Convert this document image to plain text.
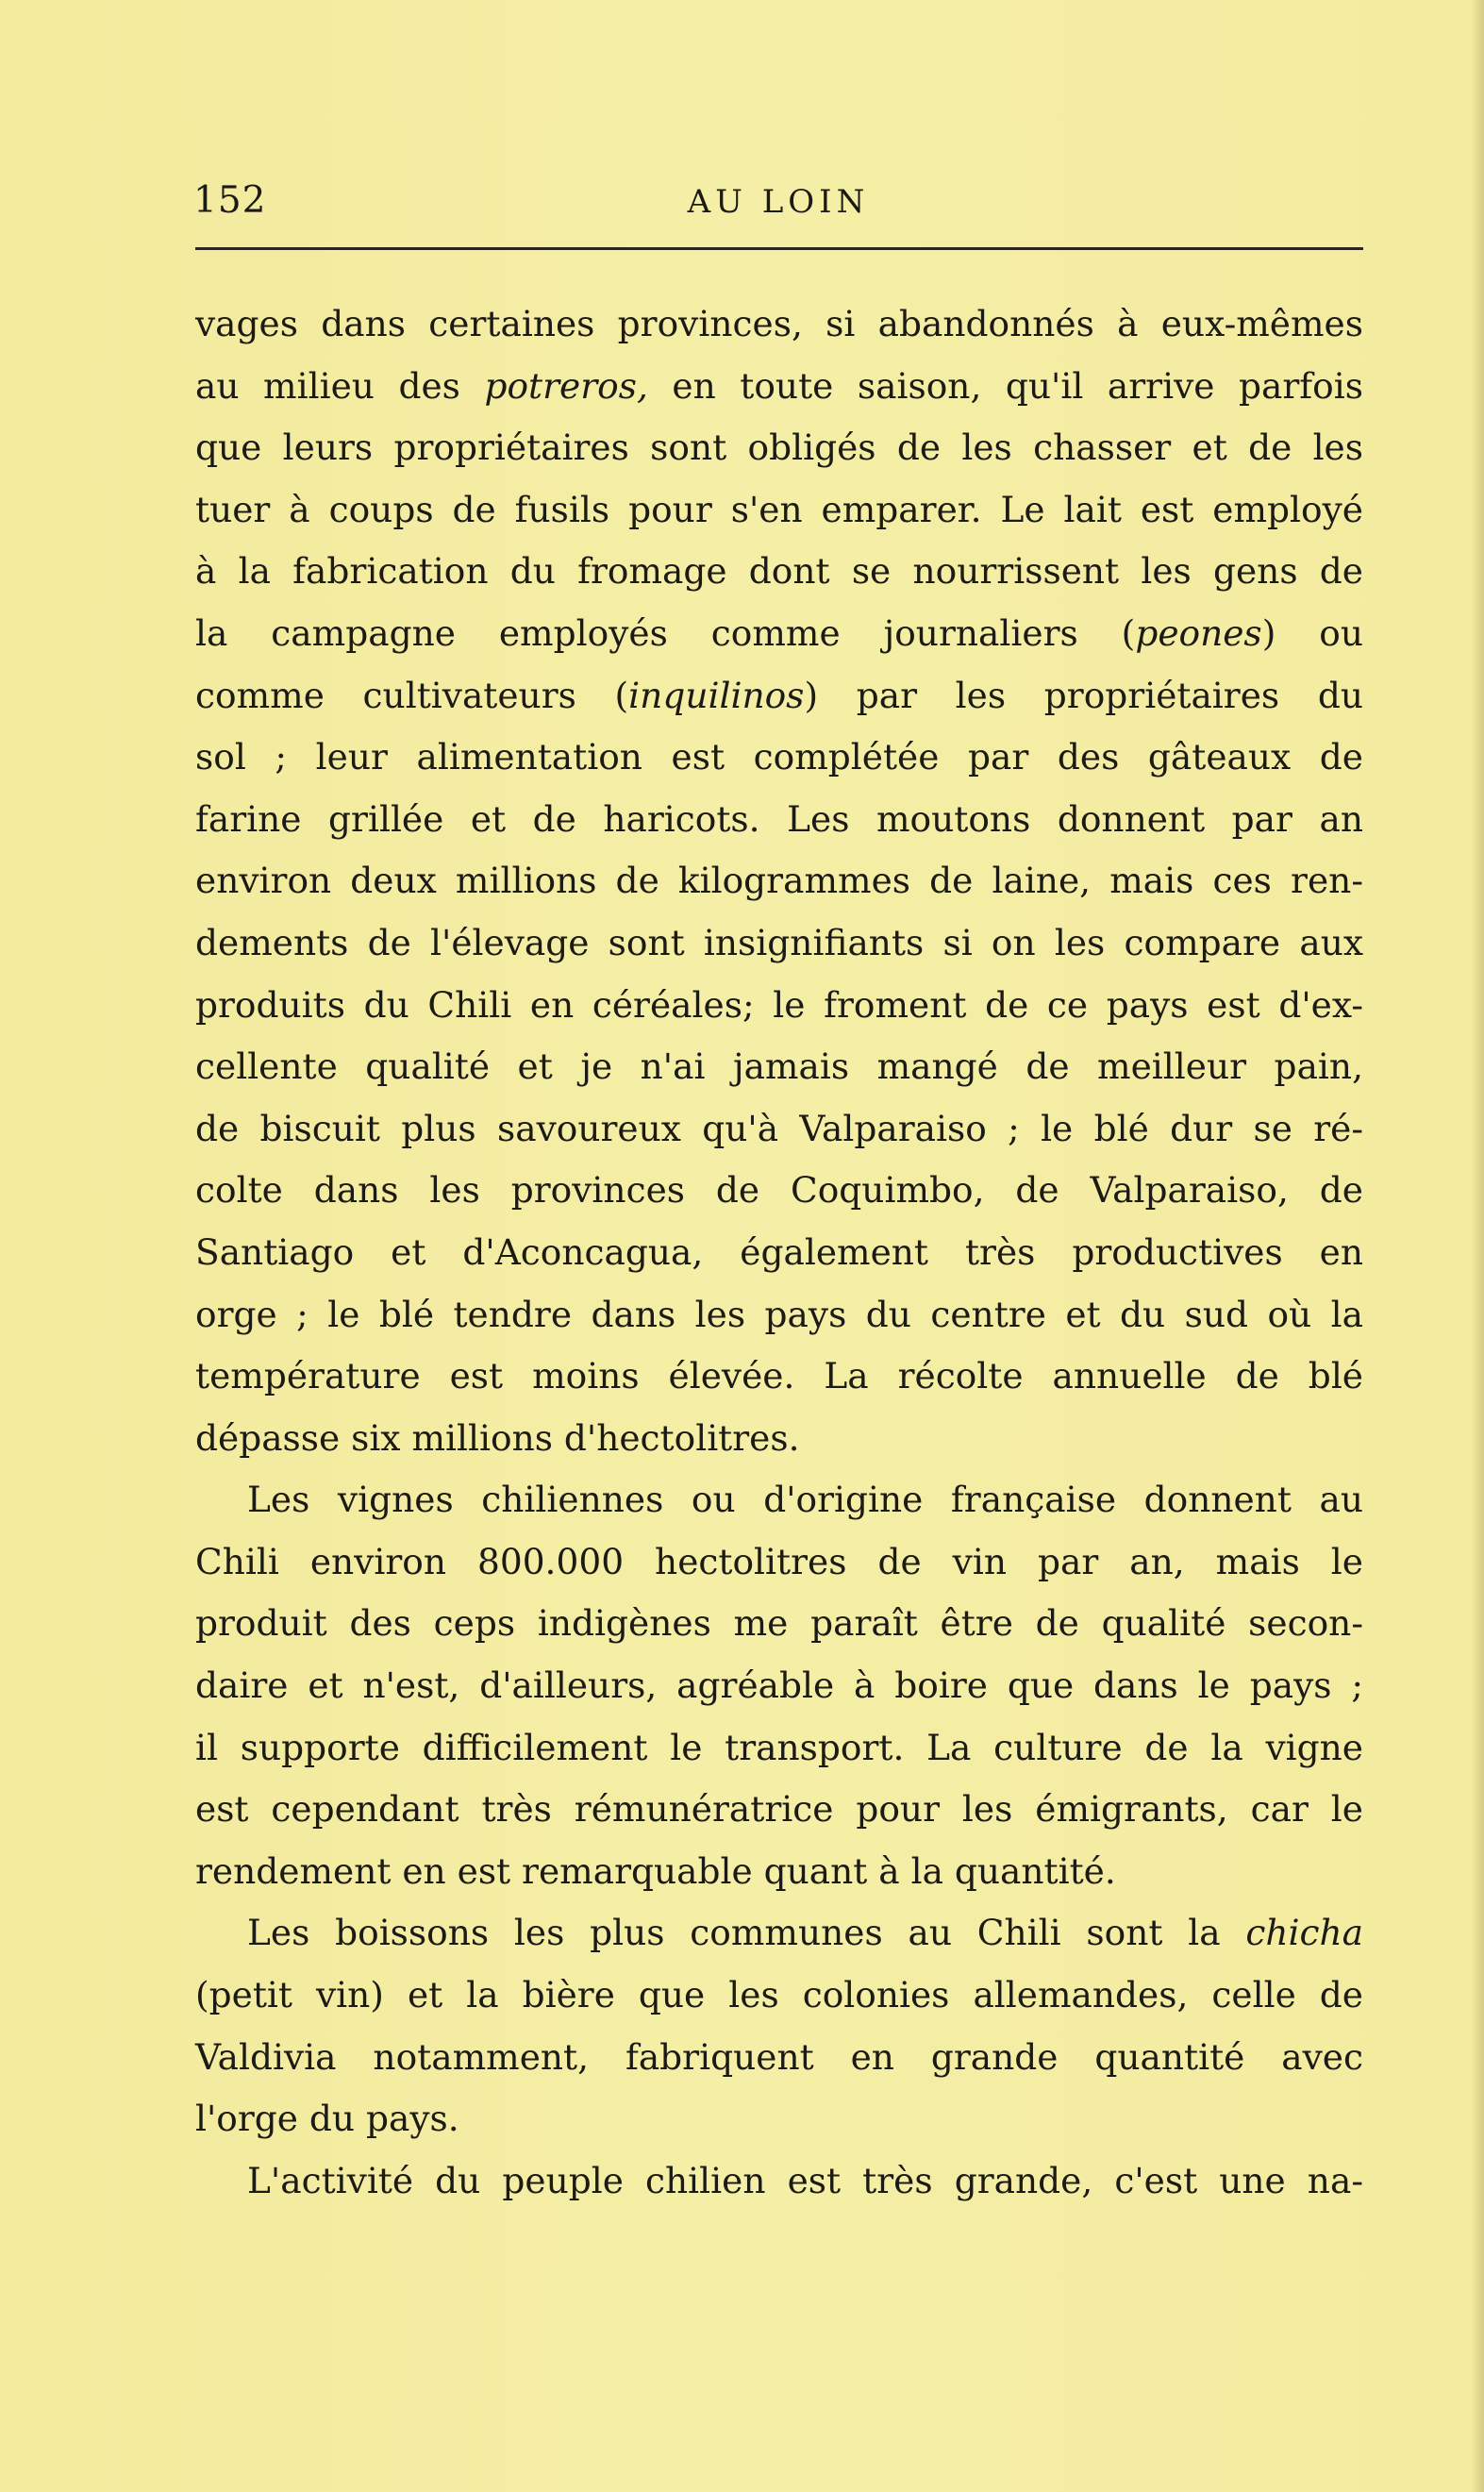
152	AU LOIN
vages dans certaines provinces, si abandonnés à eux-mêmes
au milieu des potreros, en toute saison, qu'il arrive parfois
que leurs propriétaires sont obligés de les chasser et de les
tuer à coups de fusils pour s'en emparer. Le lait est employé
à la fabrication du fromage dont se nourrissent les gens de
la campagne employés comme journaliers (peones) ou
comme cultivateurs (inquilinos) par les propriétaires du
sol ; leur alimentation est complétée par des gâteaux de
farine grillée et de haricots. Les moutons donnent par an
environ deux millions de kilogrammes de laine, mais ces ren-
dements de l'élevage sont insignifiants si on les compare aux
produits du Chili en céréales; le froment de ce pays est d'ex-
cellente qualité et je n'ai jamais mangé de meilleur pain,
de biscuit plus savoureux qu'à Valparaiso ; le blé dur se ré-
colte dans les provinces de Coquimbo, de Valparaiso, de
Santiago et d'Aconcagua, également très productives en
orge ; le blé tendre dans les pays du centre et du sud où la
température est moins élevée. La récolte annuelle de blé
dépasse six millions d'hectolitres.
Les vignes chiliennes ou d'origine française donnent au
Chili environ 800.000 hectolitres de vin par an, mais le
produit des ceps indigènes me paraît être de qualité secon-
daire et n'est, d'ailleurs, agréable à boire que dans le pays ;
il supporte difficilement le transport. La culture de la vigne
est cependant très rémunératrice pour les émigrants, car le
rendement en est remarquable quant à la quantité.
Les boissons les plus communes au Chili sont la chicha
(petit vin) et la bière que les colonies allemandes, celle de
Valdivia notamment, fabriquent en grande quantité avec
l'orge du pays.
L'activité du peuple chilien est très grande, c'est une na-
